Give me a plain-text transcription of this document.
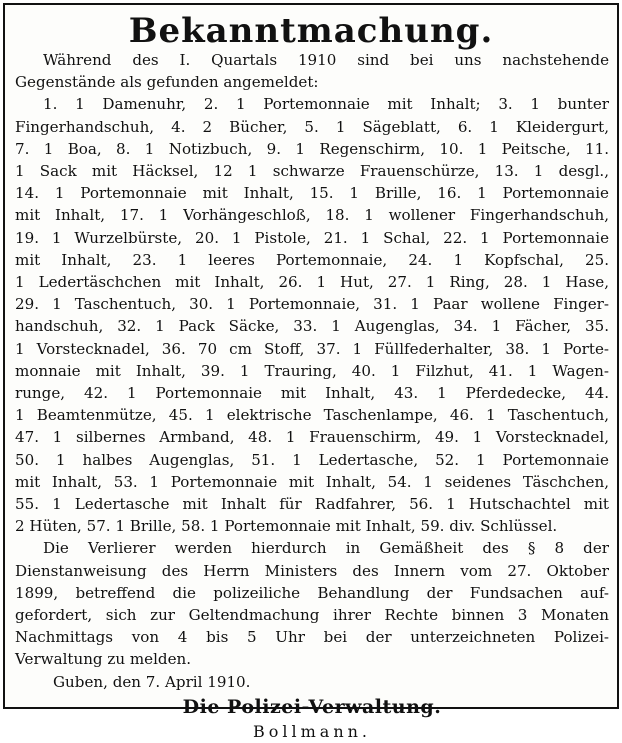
Bekanntmachung.
Während des I. Quartals 1910 sind bei uns nachstehende
Gegenstände als gefunden angemeldet:
1. 1 Damenuhr, 2. 1 Portemonnaie mit Inhalt; 3. 1 bunter
Fingerhandschuh, 4. 2 Bücher, 5. 1 Sägeblatt, 6. 1 Kleidergurt,
7. 1 Boa, 8. 1 Notizbuch, 9. 1 Regenschirm, 10. 1 Peitsche, 11.
1 Sack mit Häcksel, 12 1 schwarze Frauenschürze, 13. 1 desgl.,
14. 1 Portemonnaie mit Inhalt, 15. 1 Brille, 16. 1 Portemonnaie
mit Inhalt, 17. 1 Vorhängeschloß, 18. 1 wollener Fingerhandschuh,
19. 1 Wurzelbürste, 20. 1 Pistole, 21. 1 Schal, 22. 1 Portemonnaie
mit Inhalt, 23. 1 leeres Portemonnaie, 24. 1 Kopfschal, 25.
1 Ledertäschchen mit Inhalt, 26. 1 Hut, 27. 1 Ring, 28. 1 Hase,
29. 1 Taschentuch, 30. 1 Portemonnaie, 31. 1 Paar wollene Finger-
handschuh, 32. 1 Pack Säcke, 33. 1 Augenglas, 34. 1 Fächer, 35.
1 Vorstecknadel, 36. 70 cm Stoff, 37. 1 Füllfederhalter, 38. 1 Porte-
monnaie mit Inhalt, 39. 1 Trauring, 40. 1 Filzhut, 41. 1 Wagen-
runge, 42. 1 Portemonnaie mit Inhalt, 43. 1 Pferdedecke, 44.
1 Beamtenmütze, 45. 1 elektrische Taschenlampe, 46. 1 Taschentuch,
47. 1 silbernes Armband, 48. 1 Frauenschirm, 49. 1 Vorstecknadel,
50. 1 halbes Augenglas, 51. 1 Ledertasche, 52. 1 Portemonnaie
mit Inhalt, 53. 1 Portemonnaie mit Inhalt, 54. 1 seidenes Täschchen,
55. 1 Ledertasche mit Inhalt für Radfahrer, 56. 1 Hutschachtel mit
2 Hüten, 57. 1 Brille, 58. 1 Portemonnaie mit Inhalt, 59. div. Schlüssel.
Die Verlierer werden hierdurch in Gemäßheit des § 8 der
Dienstanweisung des Herrn Ministers des Innern vom 27. Oktober
1899, betreffend die polizeiliche Behandlung der Fundsachen auf-
gefordert, sich zur Geltendmachung ihrer Rechte binnen 3 Monaten
Nachmittags von 4 bis 5 Uhr bei der unterzeichneten Polizei-
Verwaltung zu melden.
Guben, den 7. April 1910.
Die Polizei-Verwaltung.
Bollmann.
